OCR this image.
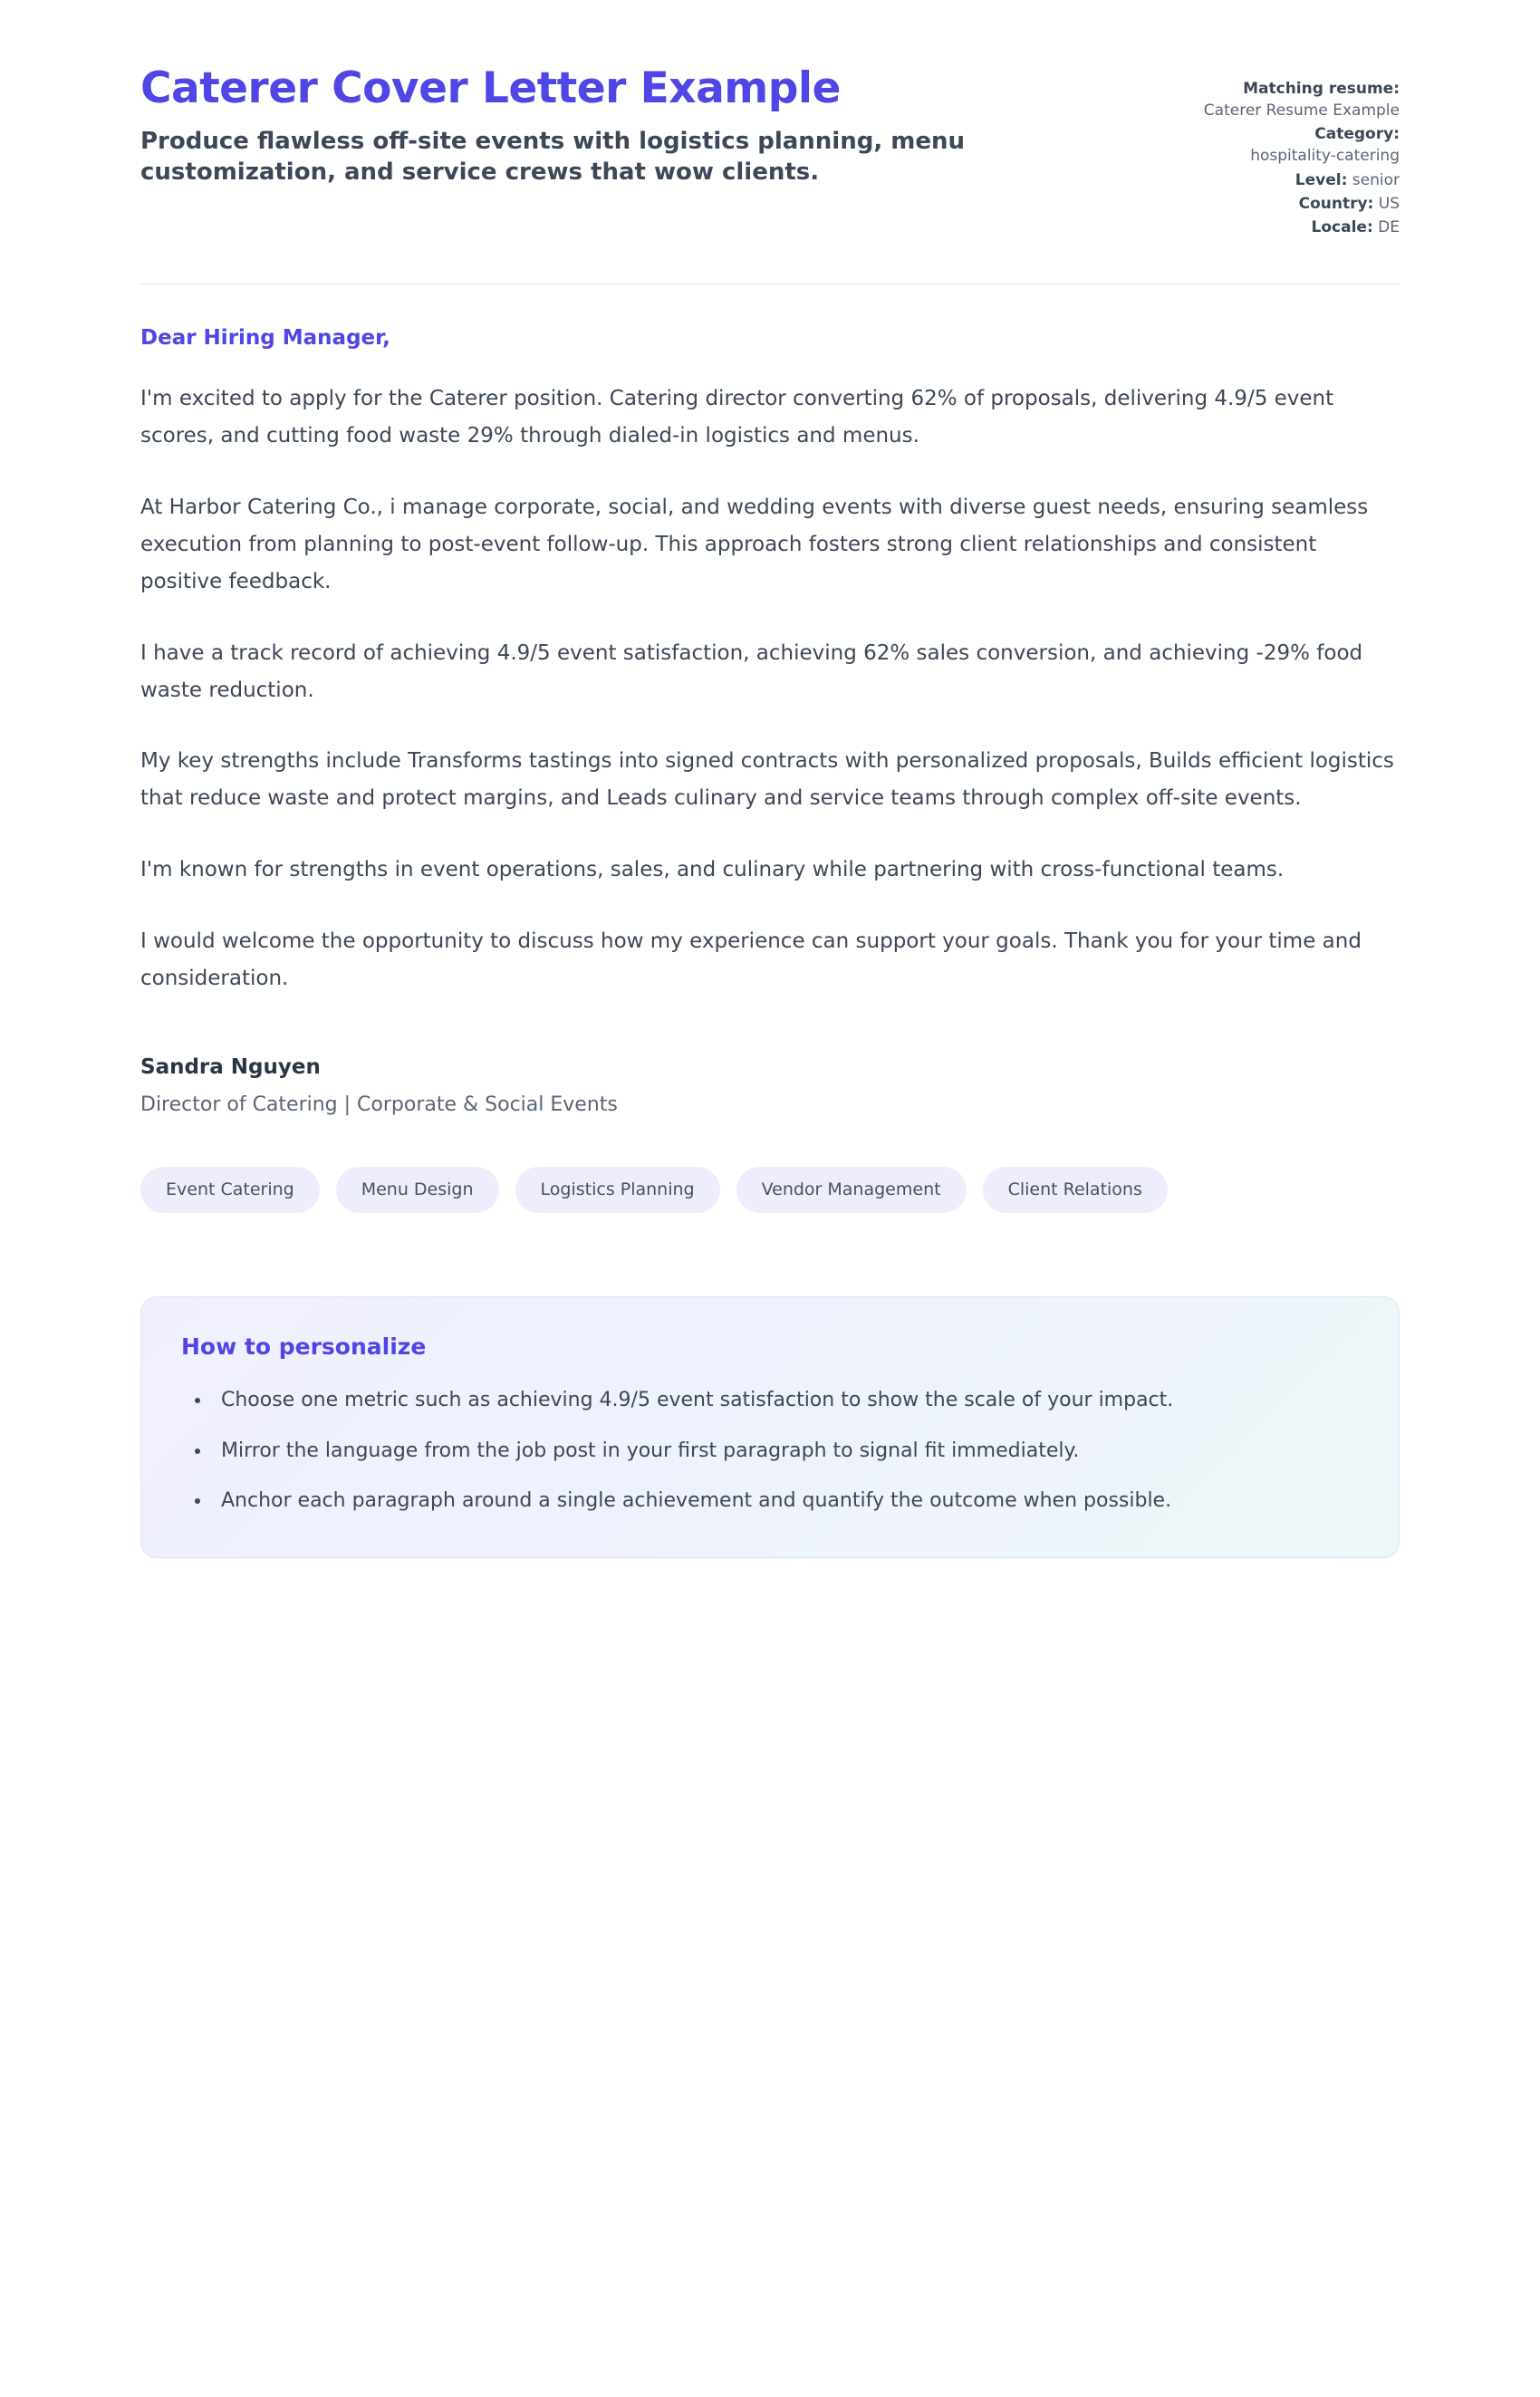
Caterer Cover Letter Example

Produce flawless off-site events with logistics planning, menu customization, and service crews that wow clients.

Matching resume:
Caterer Resume Example
Category:
hospitality-catering
Level: senior
Country: US
Locale: DE

Dear Hiring Manager,

I'm excited to apply for the Caterer position. Catering director converting 62% of proposals, delivering 4.9/5 event scores, and cutting food waste 29% through dialed-in logistics and menus.

At Harbor Catering Co., i manage corporate, social, and wedding events with diverse guest needs, ensuring seamless execution from planning to post-event follow-up. This approach fosters strong client relationships and consistent positive feedback.

I have a track record of achieving 4.9/5 event satisfaction, achieving 62% sales conversion, and achieving -29% food waste reduction.

My key strengths include Transforms tastings into signed contracts with personalized proposals, Builds efficient logistics that reduce waste and protect margins, and Leads culinary and service teams through complex off-site events.

I'm known for strengths in event operations, sales, and culinary while partnering with cross-functional teams.

I would welcome the opportunity to discuss how my experience can support your goals. Thank you for your time and consideration.

Sandra Nguyen

Director of Catering | Corporate & Social Events

Event Catering	Menu Design	Logistics Planning	Vendor Management	Client Relations
How to personalize
• Choose one metric such as achieving 4.9/5 event satisfaction to show the scale of your impact.
• Mirror the language from the job post in your first paragraph to signal fit immediately.
• Anchor each paragraph around a single achievement and quantify the outcome when possible.
